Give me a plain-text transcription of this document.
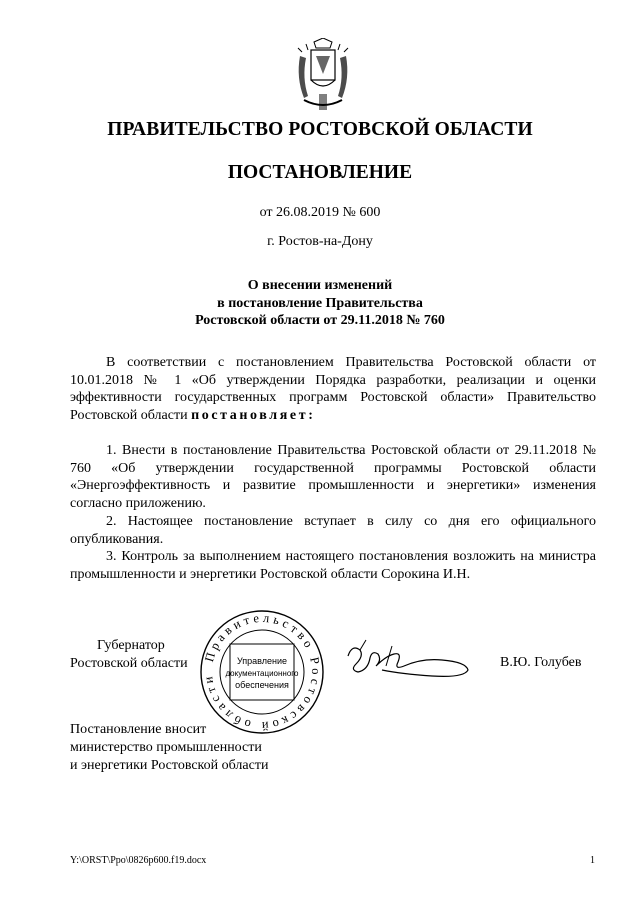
ПРАВИТЕЛЬСТВО РОСТОВСКОЙ ОБЛАСТИ
ПОСТАНОВЛЕНИЕ
от 26.08.2019 № 600
г. Ростов-на-Дону
О внесении изменений
в постановление Правительства
Ростовской области от 29.11.2018 № 760
В соответствии с постановлением Правительства Ростовской области от 10.01.2018 № 1 «Об утверждении Порядка разработки, реализации и оценки эффективности государственных программ Ростовской области» Правительство Ростовской области постановляет:
1. Внести в постановление Правительства Ростовской области от 29.11.2018 № 760 «Об утверждении государственной программы Ростовской области «Энергоэффективность и развитие промышленности и энергетики» изменения согласно приложению.
2. Настоящее постановление вступает в силу со дня его официального опубликования.
3. Контроль за выполнением настоящего постановления возложить на министра промышленности и энергетики Ростовской области Сорокина И.Н.
Губернатор
Ростовской области Правительство Ростовской области
Управление
документационного
обеспечения
В.Ю. Голубев
Постановление вносит
министерство промышленности
и энергетики Ростовской области
Y:\ORST\Ppo\0826p600.f19.docx	1
